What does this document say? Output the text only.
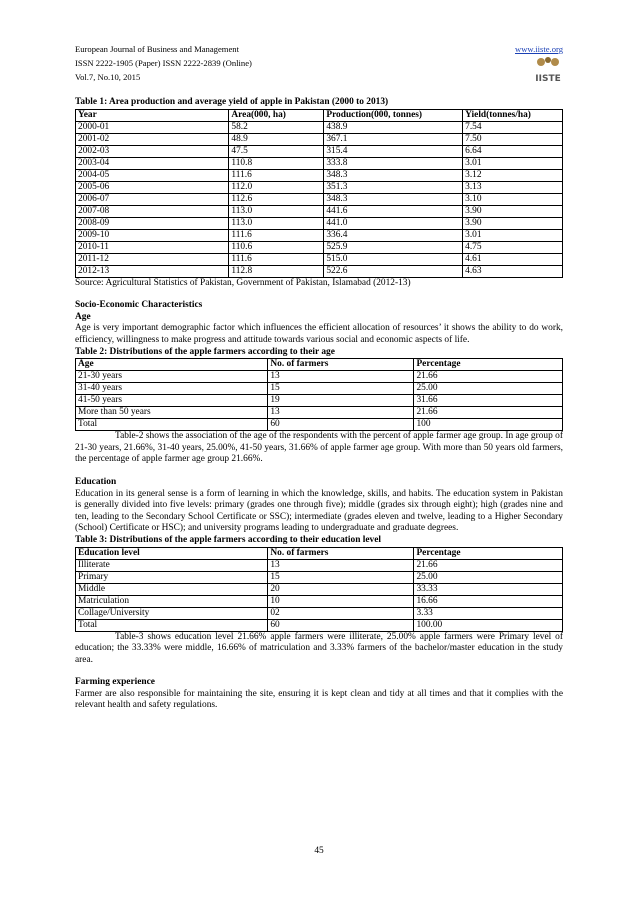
European Journal of Business and Management
ISSN 2222-1905 (Paper) ISSN 2222-2839 (Online)
Vol.7, No.10, 2015
www.iiste.org
IISTE
Table 1: Area production and average yield of apple in Pakistan (2000 to 2013)
Year	Area(000, ha)	Production(000, tonnes)	Yield(tonnes/ha)
2000-01	58.2	438.9	7.54
2001-02	48.9	367.1	7.50
2002-03	47.5	315.4	6.64
2003-04	110.8	333.8	3.01
2004-05	111.6	348.3	3.12
2005-06	112.0	351.3	3.13
2006-07	112.6	348.3	3.10
2007-08	113.0	441.6	3.90
2008-09	113.0	441.0	3.90
2009-10	111.6	336.4	3.01
2010-11	110.6	525.9	4.75
2011-12	111.6	515.0	4.61
2012-13	112.8	522.6	4.63
Source: Agricultural Statistics of Pakistan, Government of Pakistan, Islamabad (2012-13)
Socio-Economic Characteristics
Age

Age is very important demographic factor which influences the efficient allocation of resources’ it shows the ability to do work, efficiency, willingness to make progress and attitude towards various social and economic aspects of life.

Table 2: Distributions of the apple farmers according to their age
Age	No. of farmers	Percentage
21-30 years	13	21.66
31-40 years	15	25.00
41-50 years	19	31.66
More than 50 years	13	21.66
Total	60	100

Table-2 shows the association of the age of the respondents with the percent of apple farmer age group. In age group of 21-30 years, 21.66%, 31-40 years, 25.00%, 41-50 years, 31.66% of apple farmer age group. With more than 50 years old farmers, the percentage of apple farmer age group 21.66%.

Education

Education in its general sense is a form of learning in which the knowledge, skills, and habits. The education system in Pakistan is generally divided into five levels: primary (grades one through five); middle (grades six through eight); high (grades nine and ten, leading to the Secondary School Certificate or SSC); intermediate (grades eleven and twelve, leading to a Higher Secondary (School) Certificate or HSC); and university programs leading to undergraduate and graduate degrees.

Table 3: Distributions of the apple farmers according to their education level
Education level	No. of farmers	Percentage
Illiterate	13	21.66
Primary	15	25.00
Middle	20	33.33
Matriculation	10	16.66
Collage/University	02	3.33
Total	60	100.00

Table-3 shows education level 21.66% apple farmers were illiterate, 25.00% apple farmers were Primary level of education; the 33.33% were middle, 16.66% of matriculation and 3.33% farmers of the bachelor/master education in the study area.

Farming experience

Farmer are also responsible for maintaining the site, ensuring it is kept clean and tidy at all times and that it complies with the relevant health and safety regulations.

45
